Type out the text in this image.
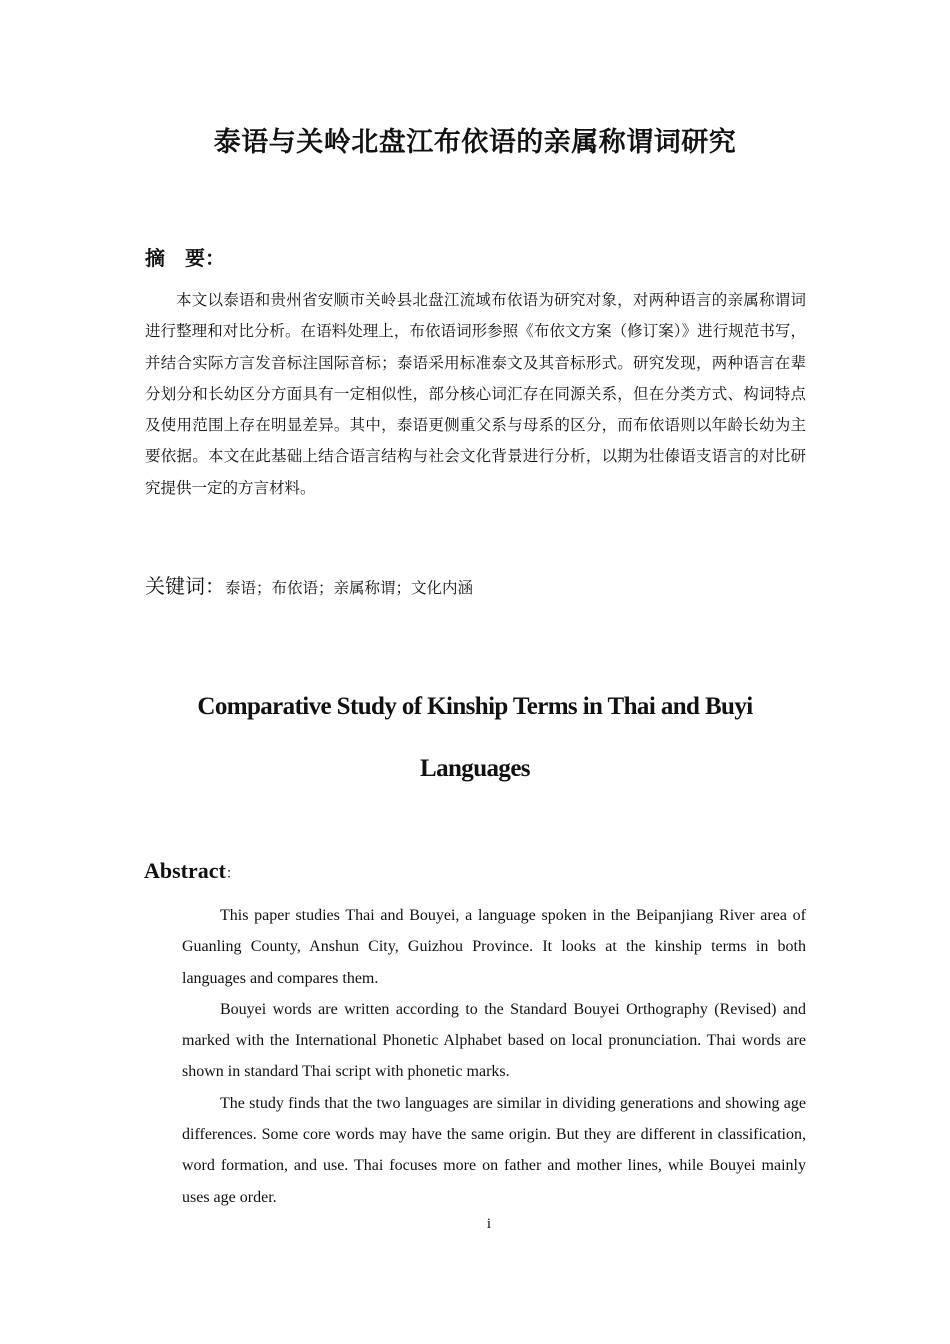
泰语与关岭北盘江布依语的亲属称谓词研究
摘　要：
本文以泰语和贵州省安顺市关岭县北盘江流域布依语为研究对象，对两种语言的亲属称谓词进行整理和对比分析。在语料处理上，布依语词形参照《布依文方案（修订案）》进行规范书写，并结合实际方言发音标注国际音标；泰语采用标准泰文及其音标形式。研究发现，两种语言在辈分划分和长幼区分方面具有一定相似性，部分核心词汇存在同源关系，但在分类方式、构词特点及使用范围上存在明显差异。其中，泰语更侧重父系与母系的区分，而布依语则以年龄长幼为主要依据。本文在此基础上结合语言结构与社会文化背景进行分析，以期为壮傣语支语言的对比研究提供一定的方言材料。
关键词：泰语；布依语；亲属称谓；文化内涵
Comparative Study of Kinship Terms in Thai and Buyi Languages
Abstract：

This paper studies Thai and Bouyei, a language spoken in the Beipanjiang River area of Guanling County, Anshun City, Guizhou Province. It looks at the kinship terms in both languages and compares them.

Bouyei words are written according to the Standard Bouyei Orthography (Revised) and marked with the International Phonetic Alphabet based on local pronunciation. Thai words are shown in standard Thai script with phonetic marks.

The study finds that the two languages are similar in dividing generations and showing age differences. Some core words may have the same origin. But they are different in classification, word formation, and use. Thai focuses more on father and mother lines, while Bouyei mainly uses age order.

i
